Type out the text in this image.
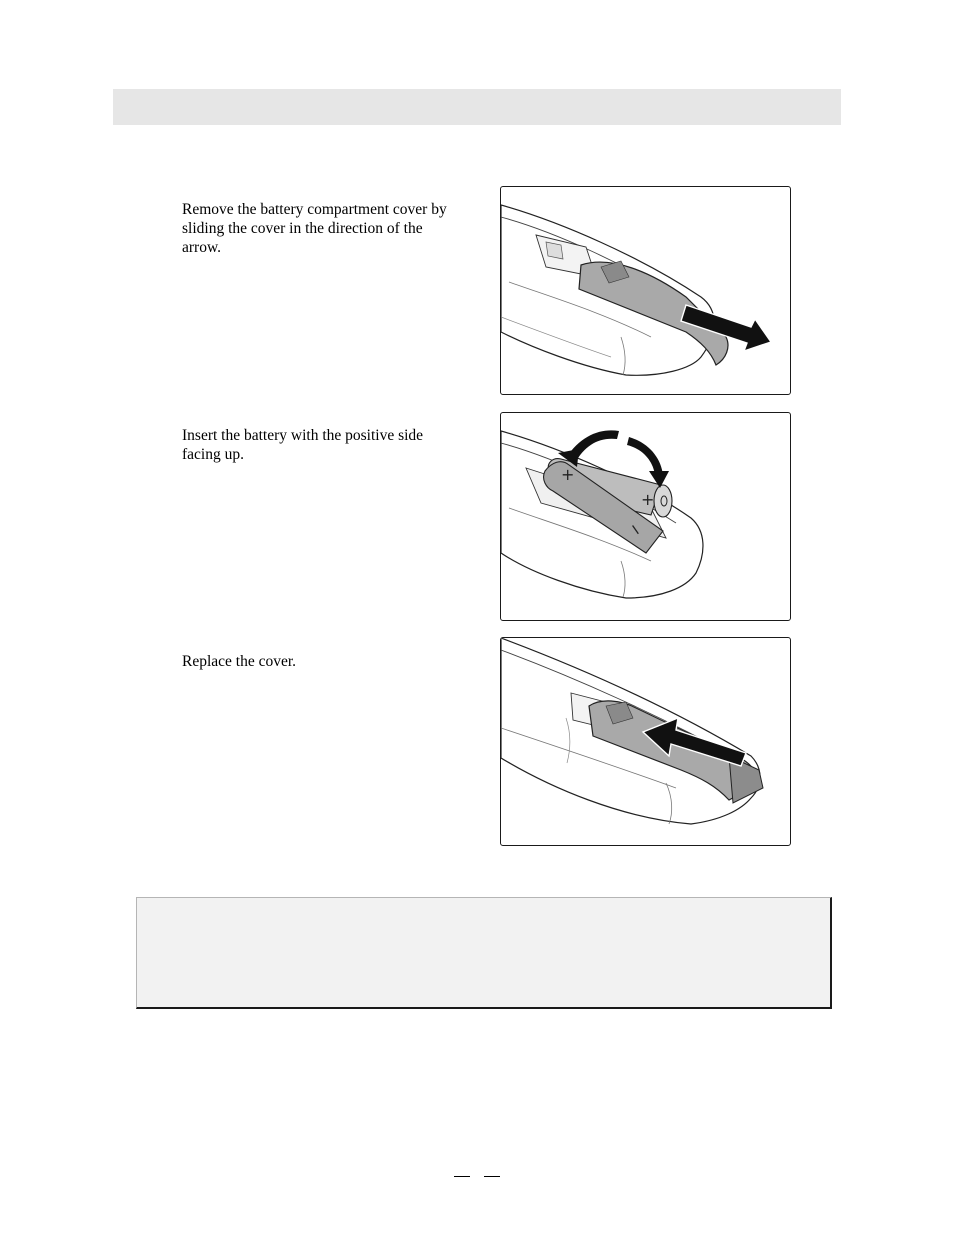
Remove the battery compartment cover by sliding the cover in the direction of the arrow.
Insert the battery with the positive side facing up.
+
+
−
Replace the cover.
